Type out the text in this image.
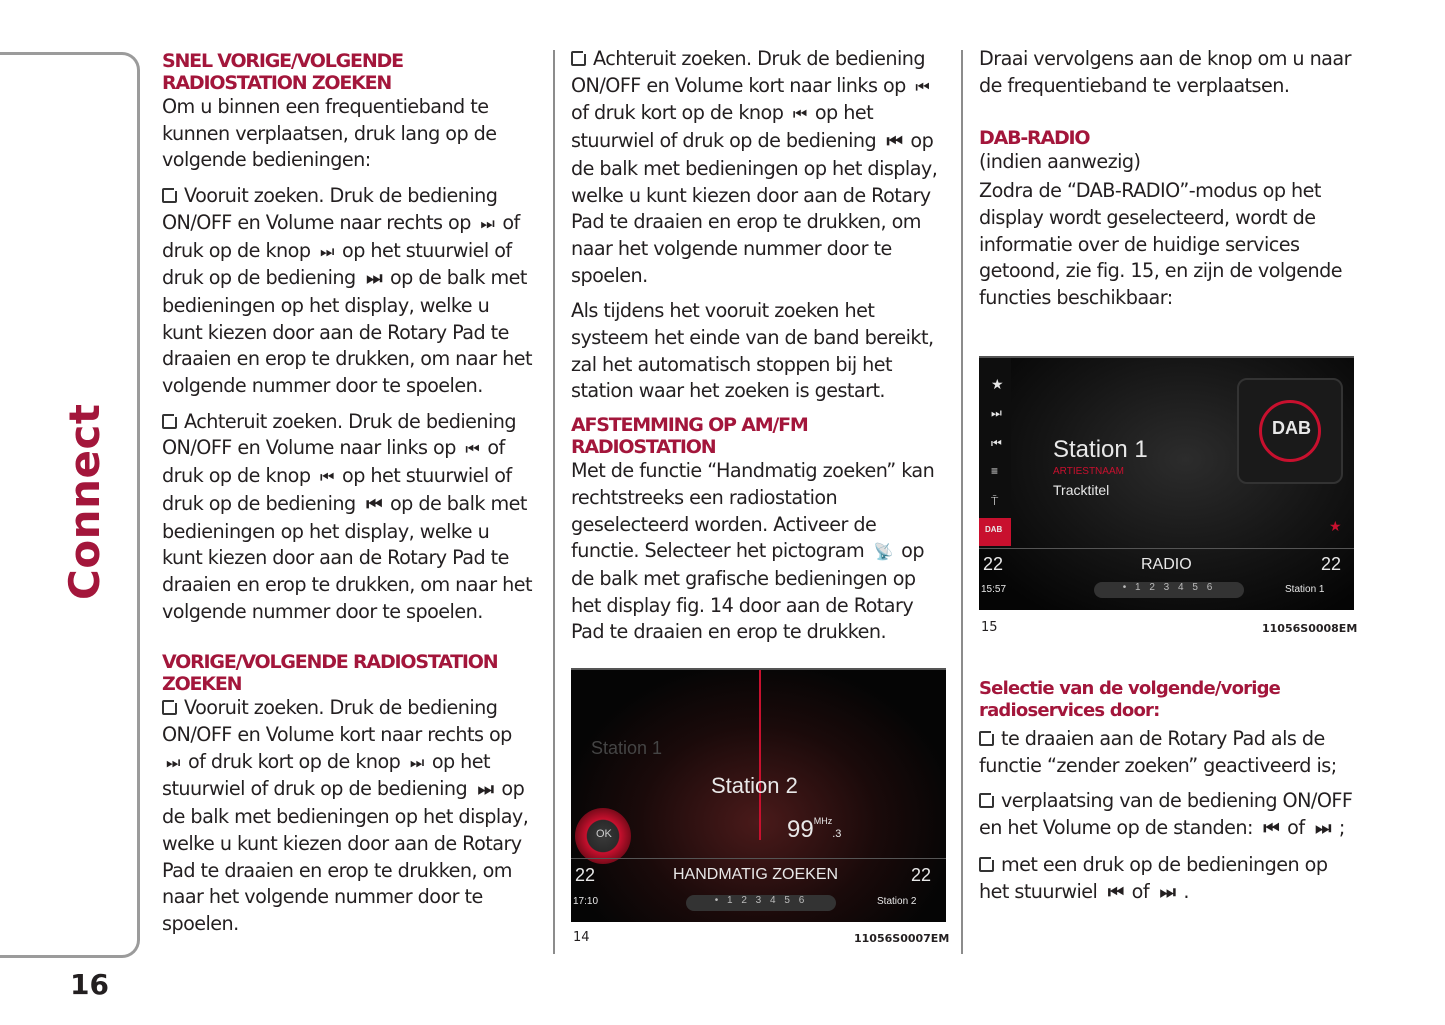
Connect
16
SNEL VORIGE/VOLGENDE RADIOSTATION ZOEKEN

Om u binnen een frequentieband te kunnen verplaatsen, druk lang op de volgende bedieningen:

Vooruit zoeken. Druk de bediening ON/OFF en Volume naar rechts op ⏭ of druk op de knop ⏭ op het stuurwiel of druk op de bediening ⏭ op de balk met bedieningen op het display, welke u kunt kiezen door aan de Rotary Pad te draaien en erop te drukken, om naar het volgende nummer door te spoelen.

Achteruit zoeken. Druk de bediening ON/OFF en Volume naar links op ⏮ of druk op de knop ⏮ op het stuurwiel of druk op de bediening ⏮ op de balk met bedieningen op het display, welke u kunt kiezen door aan de Rotary Pad te draaien en erop te drukken, om naar het volgende nummer door te spoelen.

VORIGE/VOLGENDE RADIOSTATION ZOEKEN

Vooruit zoeken. Druk de bediening ON/OFF en Volume kort naar rechts op ⏭ of druk kort op de knop ⏭ op het stuurwiel of druk op de bediening ⏭ op de balk met bedieningen op het display, welke u kunt kiezen door aan de Rotary Pad te draaien en erop te drukken, om naar het volgende nummer door te spoelen.

Achteruit zoeken. Druk de bediening ON/OFF en Volume kort naar links op ⏮ of druk kort op de knop ⏮ op het stuurwiel of druk op de bediening ⏮ op de balk met bedieningen op het display, welke u kunt kiezen door aan de Rotary Pad te draaien en erop te drukken, om naar het volgende nummer door te spoelen.

Als tijdens het vooruit zoeken het systeem het einde van de band bereikt, zal het automatisch stoppen bij het station waar het zoeken is gestart.

AFSTEMMING OP AM/FM RADIOSTATION

Met de functie “Handmatig zoeken” kan rechtstreeks een radiostation geselecteerd worden. Activeer de functie. Selecteer het pictogram 📡 op de balk met grafische bedieningen op het display fig. 14 door aan de Rotary Pad te draaien en erop te drukken.

Station 1
Station 2
$99^{MHz}.3$
OK
22	HANDMATIG ZOEKEN	22
17:10	• 1 2 3 4 5 6	Station 2
14	11056S0007EM

Draai vervolgens aan de knop om u naar de frequentieband te verplaatsen.

DAB-RADIO

(indien aanwezig)

Zodra de “DAB-RADIO”-modus op het display wordt geselecteerd, wordt de informatie over de huidige services getoond, zie fig. 15, en zijn de volgende functies beschikbaar:

★
⏭
⏮
≡
⍑
DAB
Station 1
ARTIESTNAAM
Tracktitel
DAB
★
22	RADIO	22
15:57	• 1 2 3 4 5 6	Station 1
15	11056S0008EM
Selectie van de volgende/vorige radioservices door:

te draaien aan de Rotary Pad als de functie “zender zoeken” geactiveerd is;

verplaatsing van de bediening ON/OFF en het Volume op de standen: ⏮ of ⏭ ;

met een druk op de bedieningen op het stuurwiel ⏮ of ⏭ .
